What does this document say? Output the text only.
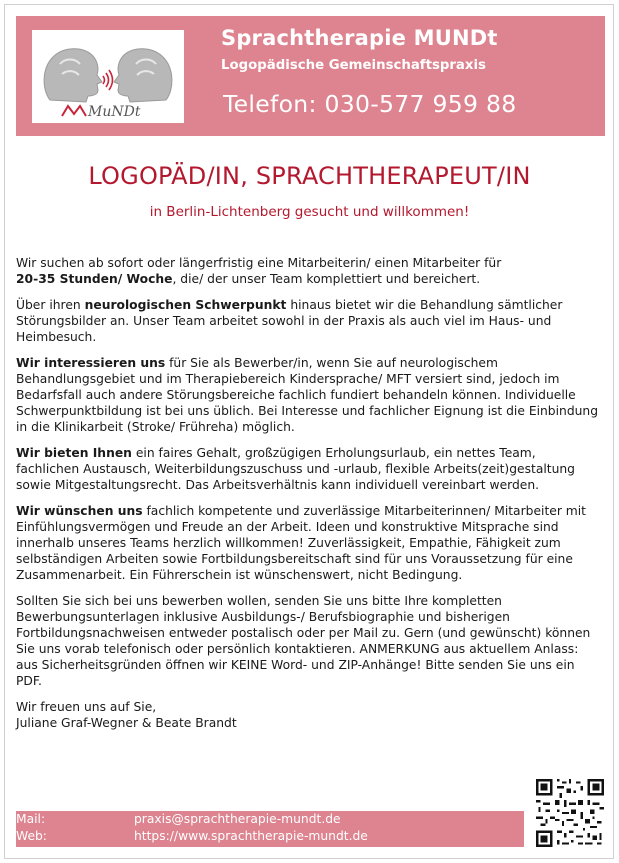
MuNDt
Sprachtherapie MUNDt
Logopädische Gemeinschaftspraxis
Telefon: 030-577 959 88
LOGOPÄD/IN, SPRACHTHERAPEUT/IN
in Berlin-Lichtenberg gesucht und willkommen!

Wir suchen ab sofort oder längerfristig eine Mitarbeiterin/ einen Mitarbeiter für
20-35 Stunden/ Woche, die/ der unser Team komplettiert und bereichert.

Über ihren neurologischen Schwerpunkt hinaus bietet wir die Behandlung sämtlicher Störungsbilder an. Unser Team arbeitet sowohl in der Praxis als auch viel im Haus- und Heimbesuch.

Wir interessieren uns für Sie als Bewerber/in, wenn Sie auf neurologischem Behandlungsgebiet und im Therapiebereich Kindersprache/ MFT versiert sind, jedoch im Bedarfsfall auch andere Störungsbereiche fachlich fundiert behandeln können. Individuelle Schwerpunktbildung ist bei uns üblich. Bei Interesse und fachlicher Eignung ist die Einbindung in die Klinikarbeit (Stroke/ Frühreha) möglich.

Wir bieten Ihnen ein faires Gehalt, großzügigen Erholungsurlaub, ein nettes Team, fachlichen Austausch, Weiterbildungszuschuss und -urlaub, flexible Arbeits(zeit)gestaltung sowie Mitgestaltungsrecht. Das Arbeitsverhältnis kann individuell vereinbart werden.

Wir wünschen uns fachlich kompetente und zuverlässige Mitarbeiterinnen/ Mitarbeiter mit Einfühlungsvermögen und Freude an der Arbeit. Ideen und konstruktive Mitsprache sind innerhalb unseres Teams herzlich willkommen! Zuverlässigkeit, Empathie, Fähigkeit zum selbständigen Arbeiten sowie Fortbildungsbereitschaft sind für uns Voraussetzung für eine Zusammenarbeit. Ein Führerschein ist wünschenswert, nicht Bedingung.

Sollten Sie sich bei uns bewerben wollen, senden Sie uns bitte Ihre kompletten Bewerbungsunterlagen inklusive Ausbildungs-/ Berufsbiographie und bisherigen Fortbildungsnachweisen entweder postalisch oder per Mail zu. Gern (und gewünscht) können Sie uns vorab telefonisch oder persönlich kontaktieren. ANMERKUNG aus aktuellem Anlass: aus Sicherheitsgründen öffnen wir KEINE Word- und ZIP-Anhänge! Bitte senden Sie uns ein PDF.

Wir freuen uns auf Sie,
Juliane Graf-Wegner & Beate Brandt

Mail:	praxis@sprachtherapie-mundt.de
Web:	https://www.sprachtherapie-mundt.de
